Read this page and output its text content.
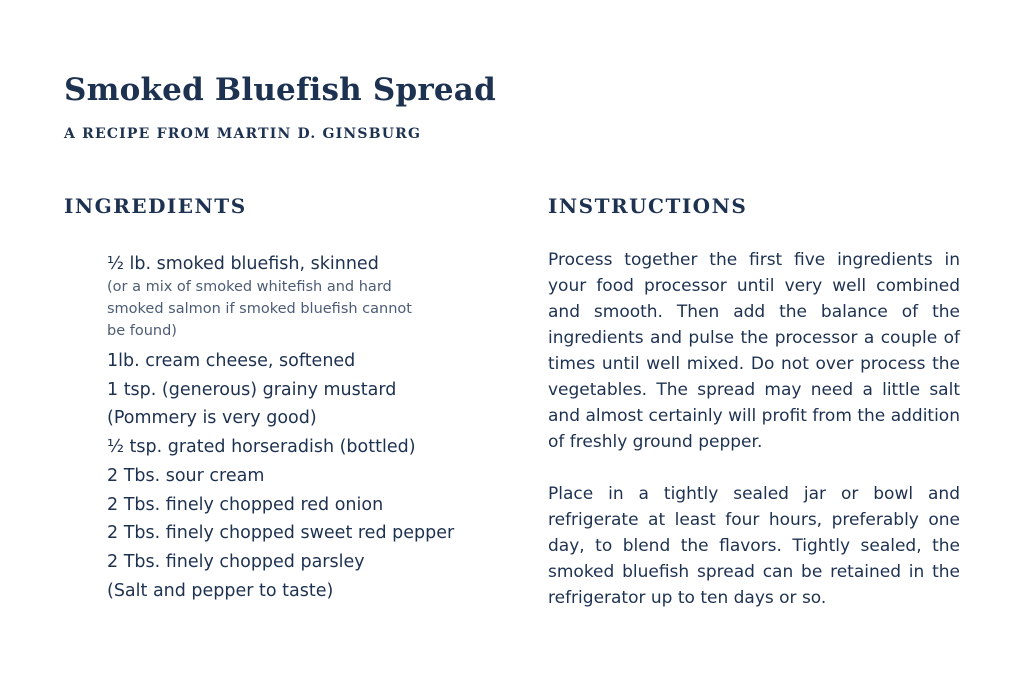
Smoked Bluefish Spread
A RECIPE FROM MARTIN D. GINSBURG
INGREDIENTS
½ lb. smoked bluefish, skinned
(or a mix of smoked whitefish and hard smoked salmon if smoked bluefish cannot be found)
1lb. cream cheese, softened
1 tsp. (generous) grainy mustard
(Pommery is very good)
½ tsp. grated horseradish (bottled)
2 Tbs. sour cream
2 Tbs. finely chopped red onion
2 Tbs. finely chopped sweet red pepper
2 Tbs. finely chopped parsley
(Salt and pepper to taste)
INSTRUCTIONS

Process together the first five ingredients in your food processor until very well combined and smooth. Then add the balance of the ingredients and pulse the processor a couple of times until well mixed. Do not over process the vegetables. The spread may need a little salt and almost certainly will profit from the addition of freshly ground pepper.

Place in a tightly sealed jar or bowl and refrigerate at least four hours, preferably one day, to blend the flavors. Tightly sealed, the smoked bluefish spread can be retained in the refrigerator up to ten days or so.
